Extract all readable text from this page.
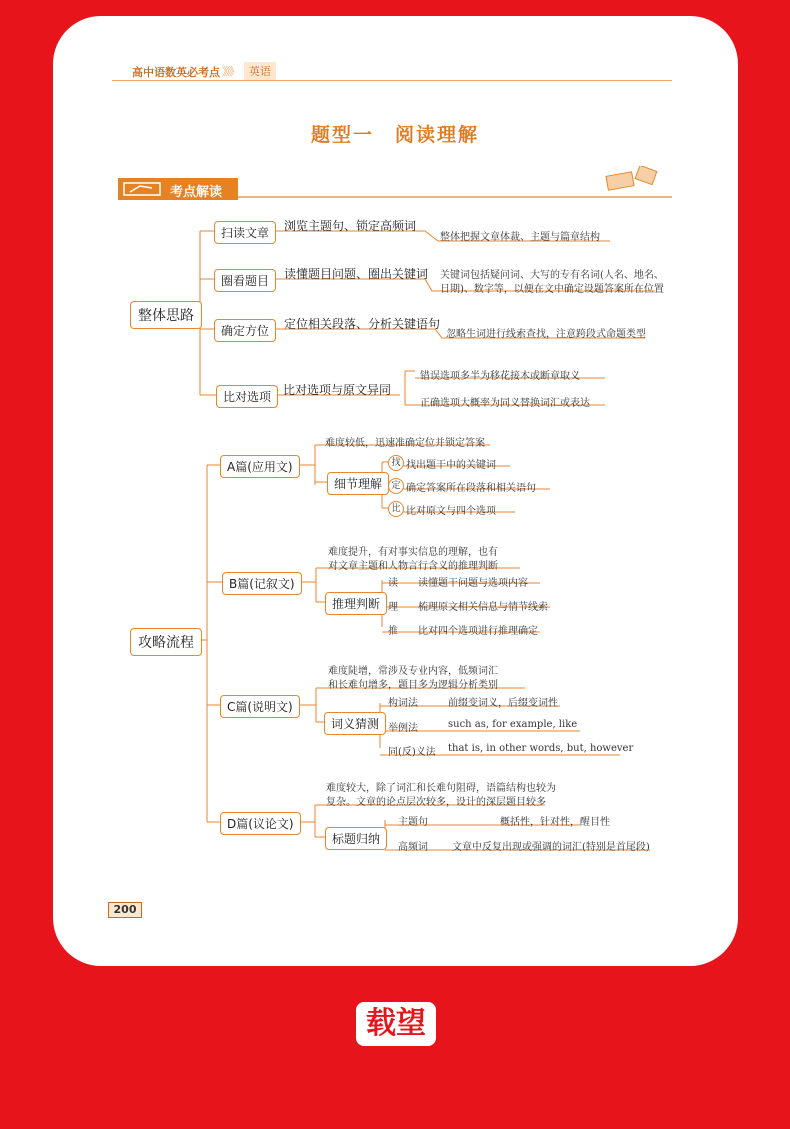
高中语数英必考点 》》》	英语
题型一　阅读理解
考点解读
整体思路
扫读文章
圈看题目
确定方位
比对选项
浏览主题句、锁定高频词
整体把握文章体裁、主题与篇章结构
读懂题目问题、圈出关键词 关键词包括疑问词、大写的专有名词(人名、地名、
日期)、数字等，以便在文中确定设题答案所在位置
定位相关段落、分析关键语句
忽略生词进行线索查找，注意跨段式命题类型
比对选项与原文异同
错误选项多半为移花接木或断章取义
正确选项大概率为同义替换词汇或表达
攻略流程
A篇(应用文)
难度较低，迅速准确定位并锁定答案
细节理解
找 找出题干中的关键词
定 确定答案所在段落和相关语句
比 比对原文与四个选项
B篇(记叙文)
难度提升，有对事实信息的理解，也有
对文章主题和人物言行含义的推理判断
推理判断
读 读懂题干问题与选项内容
理 梳理原文相关信息与情节线索
推 比对四个选项进行推理确定
C篇(说明文)
难度陡增，常涉及专业内容，低频词汇
和长难句增多，题目多为逻辑分析类别
词义猜测
构词法	前缀变词义，后缀变词性
举例法	such as, for example, like
同(反)义法 that is, in other words, but, however
D篇(议论文)
难度较大，除了词汇和长难句阻碍，语篇结构也较为
复杂。文章的论点层次较多，设计的深层题目较多
标题归纳
主题句	概括性，针对性，醒目性
高频词 文章中反复出现或强调的词汇(特别是首尾段)
200
载望
